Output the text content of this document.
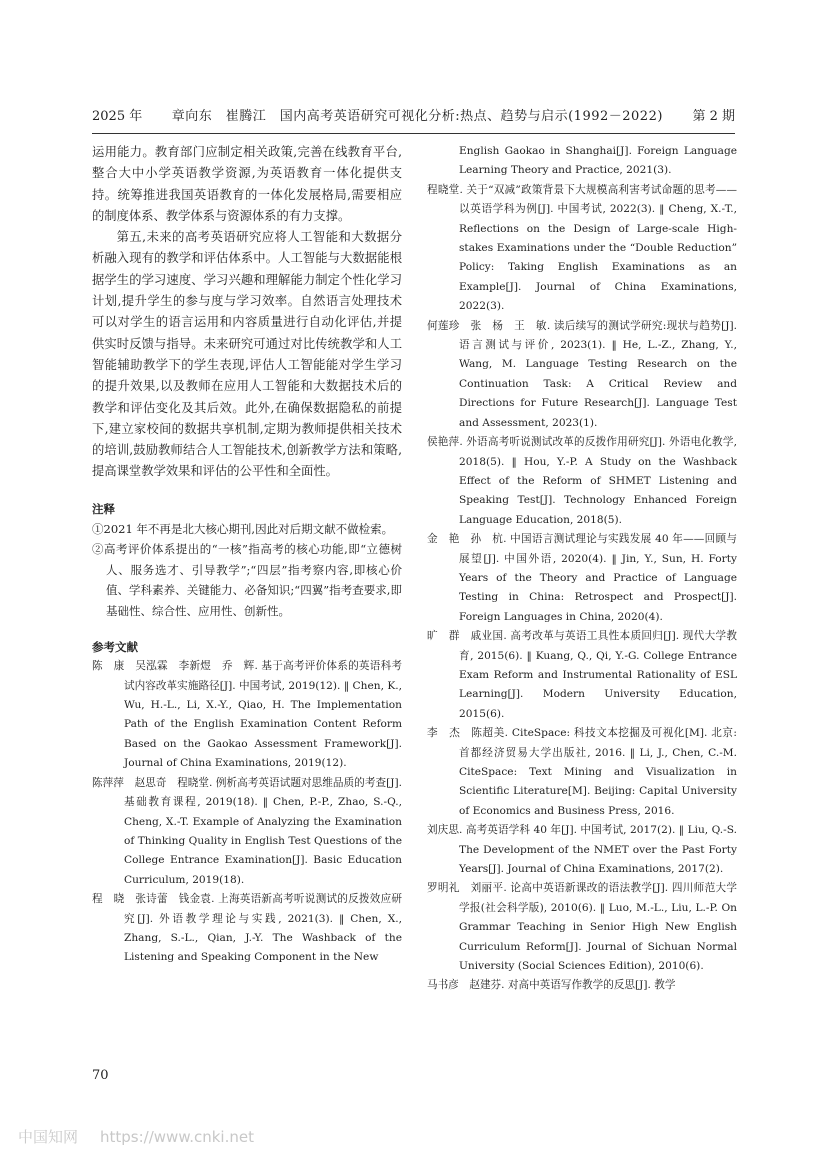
2025 年	章向东　崔腾江　国内高考英语研究可视化分析:热点、趋势与启示(1992－2022)	第 2 期

运用能力。教育部门应制定相关政策,完善在线教育平台,整合大中小学英语教学资源,为英语教育一体化提供支持。统筹推进我国英语教育的一体化发展格局,需要相应的制度体系、教学体系与资源体系的有力支撑。

第五,未来的高考英语研究应将人工智能和大数据分析融入现有的教学和评估体系中。人工智能与大数据能根据学生的学习速度、学习兴趣和理解能力制定个性化学习计划,提升学生的参与度与学习效率。自然语言处理技术可以对学生的语言运用和内容质量进行自动化评估,并提供实时反馈与指导。未来研究可通过对比传统教学和人工智能辅助教学下的学生表现,评估人工智能能对学生学习的提升效果,以及教师在应用人工智能和大数据技术后的教学和评估变化及其后效。此外,在确保数据隐私的前提下,建立家校间的数据共享机制,定期为教师提供相关技术的培训,鼓励教师结合人工智能技术,创新教学方法和策略,提高课堂教学效果和评估的公平性和全面性。

注释

①2021 年不再是北大核心期刊,因此对后期文献不做检索。

②高考评价体系提出的“一核”指高考的核心功能,即“立德树人、服务选才、引导教学”;“四层”指考察内容,即核心价值、学科素养、关键能力、必备知识;“四翼”指考查要求,即基础性、综合性、应用性、创新性。

参考文献

陈　康　吴泓霖　李新煜　乔　辉. 基于高考评价体系的英语科考试内容改革实施路径[J]. 中国考试, 2019(12). ‖ Chen, K., Wu, H.-L., Li, X.-Y., Qiao, H. The Implementation Path of the English Examination Content Reform Based on the Gaokao Assessment Framework[J]. Journal of China Examinations, 2019(12).

陈萍萍　赵思奇　程晓堂. 例析高考英语试题对思维品质的考查[J]. 基础教育课程, 2019(18). ‖ Chen, P.-P., Zhao, S.-Q., Cheng, X.-T. Example of Analyzing the Examination of Thinking Quality in English Test Questions of the College Entrance Examination[J]. Basic Education Curriculum, 2019(18).

程　晓　张诗蕾　钱金袁. 上海英语新高考听说测试的反拨效应研究[J]. 外语教学理论与实践, 2021(3). ‖ Chen, X., Zhang, S.-L., Qian, J.-Y. The Washback of the Listening and Speaking Component in the New

English Gaokao in Shanghai[J]. Foreign Language Learning Theory and Practice, 2021(3).

程晓堂. 关于“双减”政策背景下大规模高利害考试命题的思考——以英语学科为例[J]. 中国考试, 2022(3). ‖ Cheng, X.-T., Reflections on the Design of Large-scale High-stakes Examinations under the “Double Reduction” Policy: Taking English Examinations as an Example[J]. Journal of China Examinations, 2022(3).

何莲珍　张　杨　王　敏. 读后续写的测试学研究:现状与趋势[J]. 语言测试与评价, 2023(1). ‖ He, L.-Z., Zhang, Y., Wang, M. Language Testing Research on the Continuation Task: A Critical Review and Directions for Future Research[J]. Language Test and Assessment, 2023(1).

侯艳萍. 外语高考听说测试改革的反拨作用研究[J]. 外语电化教学, 2018(5). ‖ Hou, Y.-P. A Study on the Washback Effect of the Reform of SHMET Listening and Speaking Test[J]. Technology Enhanced Foreign Language Education, 2018(5).

金　艳　孙　杭. 中国语言测试理论与实践发展 40 年——回顾与展望[J]. 中国外语, 2020(4). ‖ Jin, Y., Sun, H. Forty Years of the Theory and Practice of Language Testing in China: Retrospect and Prospect[J]. Foreign Languages in China, 2020(4).

旷　群　戚业国. 高考改革与英语工具性本质回归[J]. 现代大学教育, 2015(6). ‖ Kuang, Q., Qi, Y.-G. College Entrance Exam Reform and Instrumental Rationality of ESL Learning[J]. Modern University Education, 2015(6).

李　杰　陈超美. CiteSpace: 科技文本挖掘及可视化[M]. 北京: 首都经济贸易大学出版社, 2016. ‖ Li, J., Chen, C.-M. CiteSpace: Text Mining and Visualization in Scientific Literature[M]. Beijing: Capital University of Economics and Business Press, 2016.

刘庆思. 高考英语学科 40 年[J]. 中国考试, 2017(2). ‖ Liu, Q.-S. The Development of the NMET over the Past Forty Years[J]. Journal of China Examinations, 2017(2).

罗明礼　刘丽平. 论高中英语新课改的语法教学[J]. 四川师范大学学报(社会科学版), 2010(6). ‖ Luo, M.-L., Liu, L.-P. On Grammar Teaching in Senior High New English Curriculum Reform[J]. Journal of Sichuan Normal University (Social Sciences Edition), 2010(6).

马书彦　赵建芬. 对高中英语写作教学的反思[J]. 教学

70
中国知网 https://www.cnki.net
